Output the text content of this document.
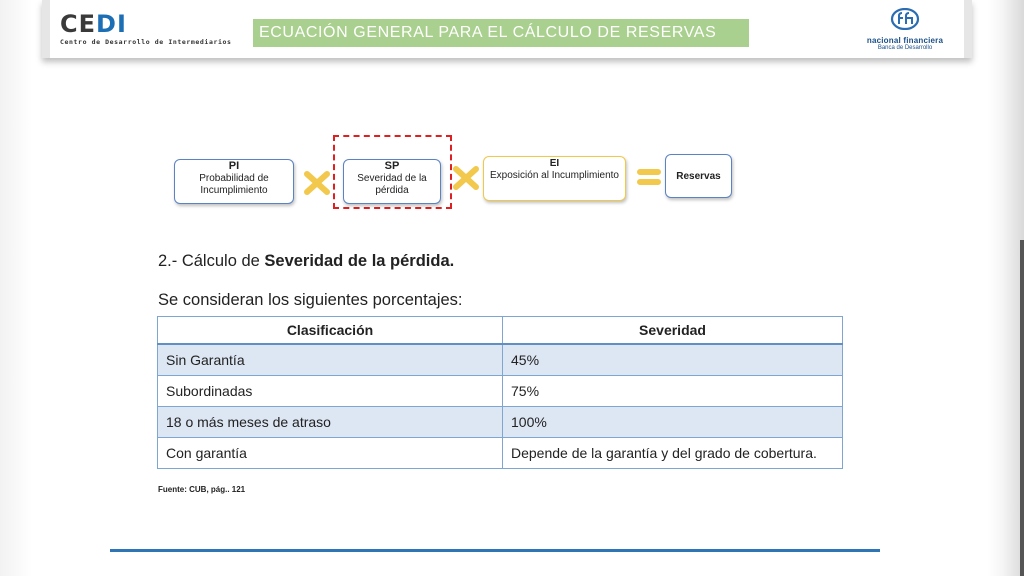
CEDI
Centro de Desarrollo de Intermediarios
ECUACIÓN GENERAL PARA EL CÁLCULO DE RESERVAS	nacional financiera
Banca de Desarrollo
PI
Probabilidad de Incumplimiento
SP
Severidad de la pérdida
EI
Exposición al Incumplimiento	Reservas
2.- Cálculo de Severidad de la pérdida.
Se consideran los siguientes porcentajes:
Clasificación	Severidad
Sin Garantía	45%
Subordinadas	75%
18 o más meses de atraso	100%
Con garantía	Depende de la garantía y del grado de cobertura.
Fuente: CUB, pág.. 121
